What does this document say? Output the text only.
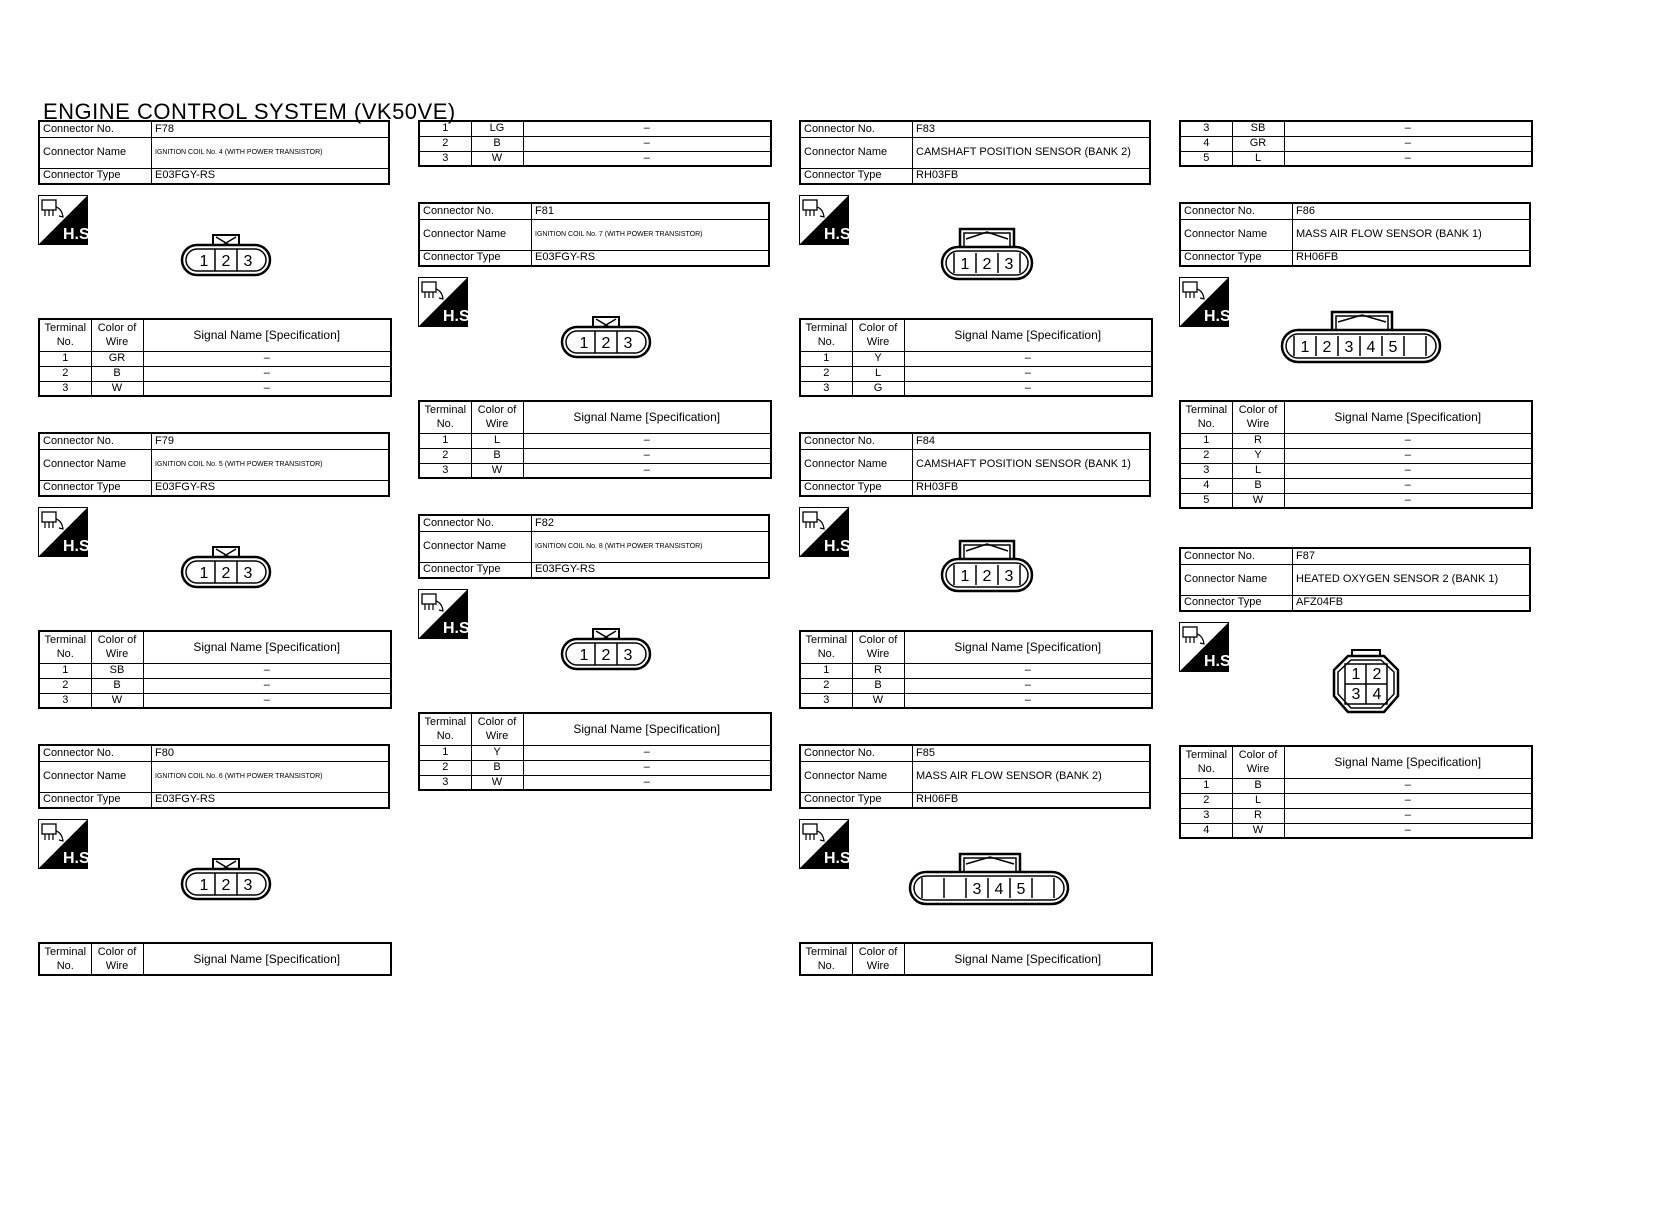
ENGINE CONTROL SYSTEM (VK50VE)
Connector No.	F78
Connector Name	IGNITION COIL No. 4 (WITH POWER TRANSISTOR)
Connector Type	E03FGY-RS
H.S.
1 2 3
Connector No.	F79
Connector Name	IGNITION COIL No. 5 (WITH POWER TRANSISTOR)
Connector Type	E03FGY-RS
H.S.
1 2 3
Connector No.	F80
Connector Name	IGNITION COIL No. 6 (WITH POWER TRANSISTOR)
Connector Type	E03FGY-RS
H.S.
1 2 3
Terminal No.	Color of Wire	Signal Name [Specification]
1	GR	–
2	B	–
3	W	–
Terminal No.	Color of Wire	Signal Name [Specification]
1	SB	–
2	B	–
3	W	–
Terminal No.	Color of Wire	Signal Name [Specification]
1	LG	–
2	B	–
3	W	–
Connector No.	F81
Connector Name	IGNITION COIL No. 7 (WITH POWER TRANSISTOR)
Connector Type	E03FGY-RS
H.S.
1 2 3
Connector No.	F82
Connector Name	IGNITION COIL No. 8 (WITH POWER TRANSISTOR)
Connector Type	E03FGY-RS
H.S.
1 2 3
Terminal No.	Color of Wire	Signal Name [Specification]
1	L	–
2	B	–
3	W	–
Terminal No.	Color of Wire	Signal Name [Specification]
1	Y	–
2	B	–
3	W	–
Connector No.	F83
Connector Name	CAMSHAFT POSITION SENSOR (BANK 2)
Connector Type	RH03FB
H.S.
1 2 3
Connector No.	F84
Connector Name	CAMSHAFT POSITION SENSOR (BANK 1)
Connector Type	RH03FB
H.S.
1 2 3
Terminal No.	Color of Wire	Signal Name [Specification]
1	Y	–
2	L	–
3	G	–
Terminal No.	Color of Wire	Signal Name [Specification]
1	R	–
2	B	–
3	W	–
Connector No.	F85
Connector Name	MASS AIR FLOW SENSOR (BANK 2)
Connector Type	RH06FB
H.S.
3 4 5
Terminal No.	Color of Wire	Signal Name [Specification]
3	SB	–
4	GR	–
5	L	–
Connector No.	F86
Connector Name	MASS AIR FLOW SENSOR (BANK 1)
Connector Type	RH06FB
H.S.
1 2 3 4 5
Terminal No.	Color of Wire	Signal Name [Specification]
1	R	–
2	Y	–
3	L	–
4	B	–
5	W	–
Connector No.	F87
Connector Name	HEATED OXYGEN SENSOR 2 (BANK 1)
Connector Type	AFZ04FB
H.S.
1 2
3 4
Terminal No.	Color of Wire	Signal Name [Specification]
1	B	–
2	L	–
3	R	–
4	W	–
